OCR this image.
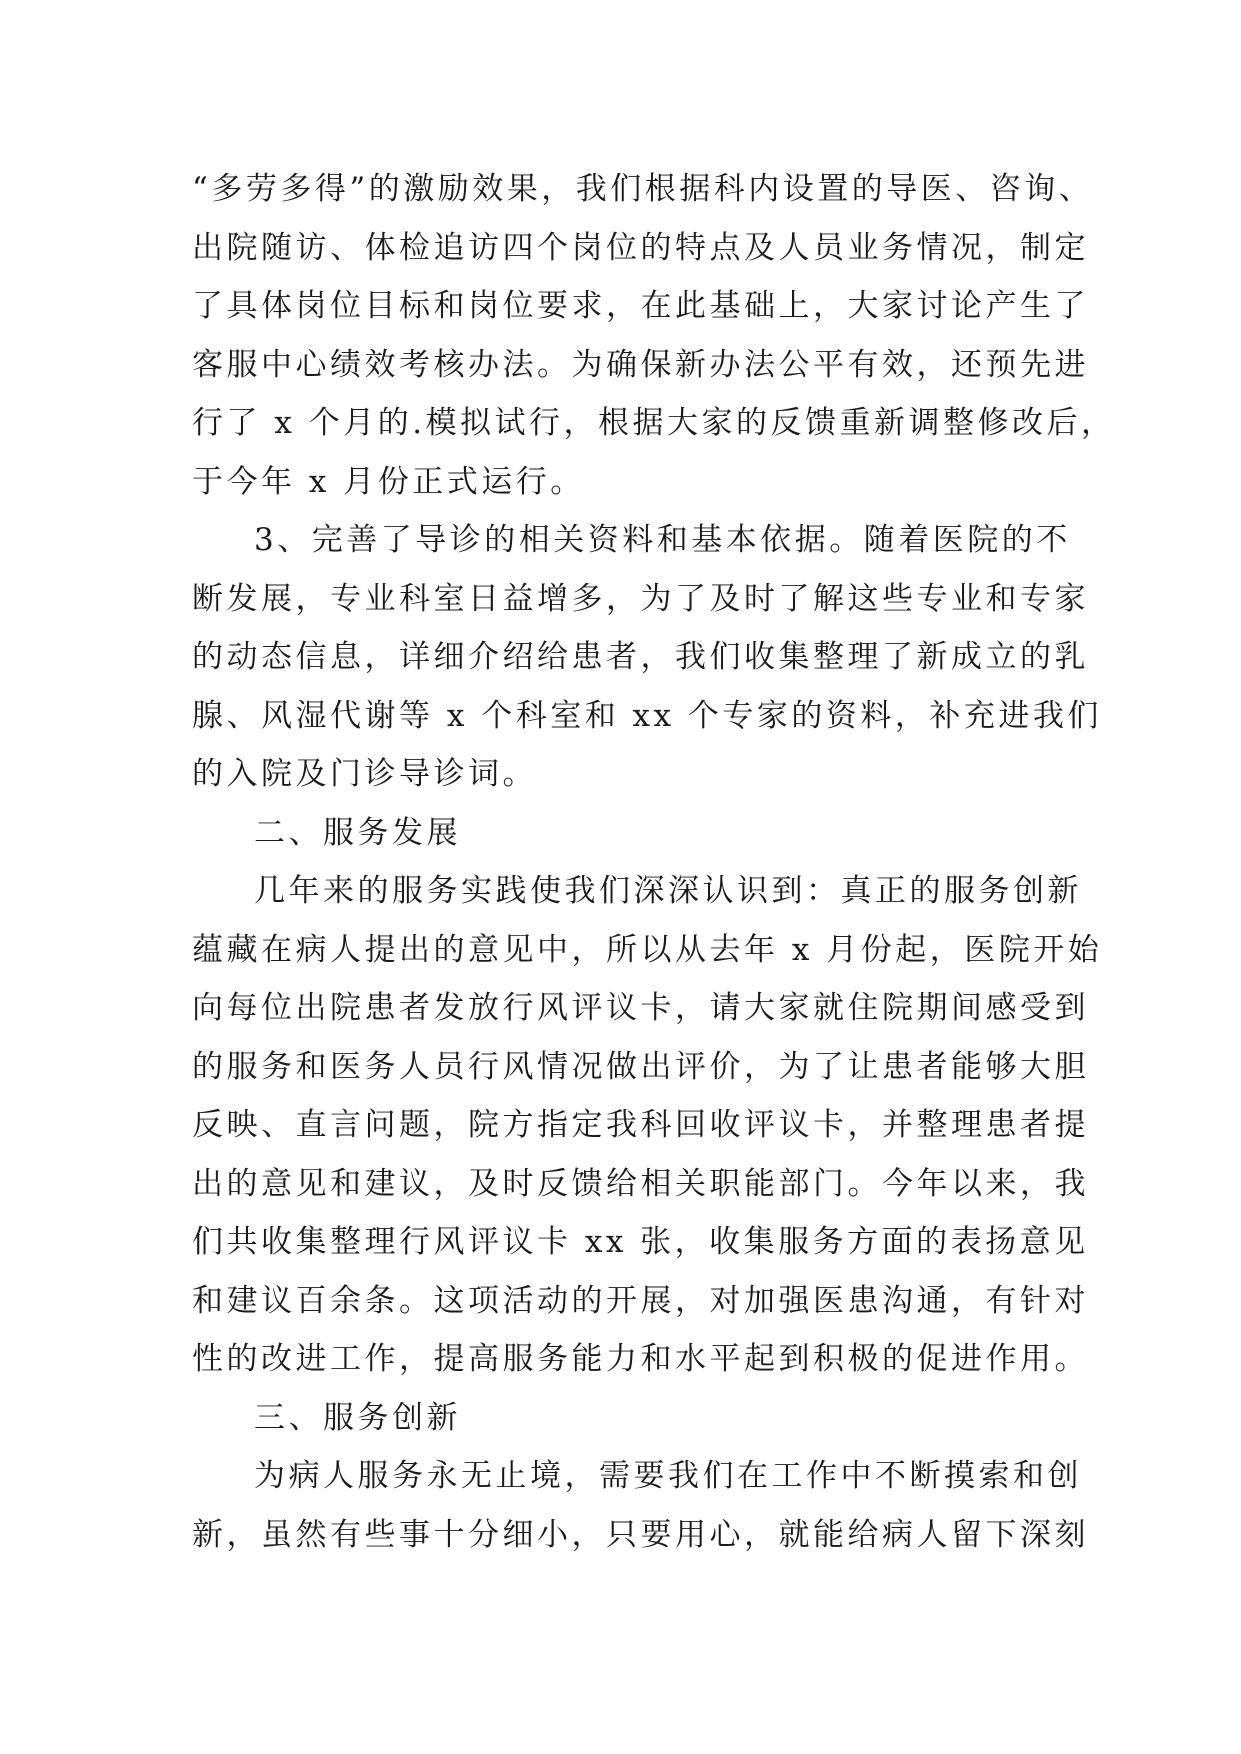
“多劳多得”的激励效果，我们根据科内设置的导医、咨询、
出院随访、体检追访四个岗位的特点及人员业务情况，制定
了具体岗位目标和岗位要求，在此基础上，大家讨论产生了
客服中心绩效考核办法。为确保新办法公平有效，还预先进
行了 x 个月的.模拟试行，根据大家的反馈重新调整修改后，
于今年 x 月份正式运行。
3、完善了导诊的相关资料和基本依据。随着医院的不
断发展，专业科室日益增多，为了及时了解这些专业和专家
的动态信息，详细介绍给患者，我们收集整理了新成立的乳
腺、风湿代谢等 x 个科室和 xx 个专家的资料，补充进我们
的入院及门诊导诊词。
二、服务发展
几年来的服务实践使我们深深认识到：真正的服务创新
蕴藏在病人提出的意见中，所以从去年 x 月份起，医院开始
向每位出院患者发放行风评议卡，请大家就住院期间感受到
的服务和医务人员行风情况做出评价，为了让患者能够大胆
反映、直言问题，院方指定我科回收评议卡，并整理患者提
出的意见和建议，及时反馈给相关职能部门。今年以来，我
们共收集整理行风评议卡 xx 张，收集服务方面的表扬意见
和建议百余条。这项活动的开展，对加强医患沟通，有针对
性的改进工作，提高服务能力和水平起到积极的促进作用。
三、服务创新
为病人服务永无止境，需要我们在工作中不断摸索和创
新，虽然有些事十分细小，只要用心，就能给病人留下深刻
